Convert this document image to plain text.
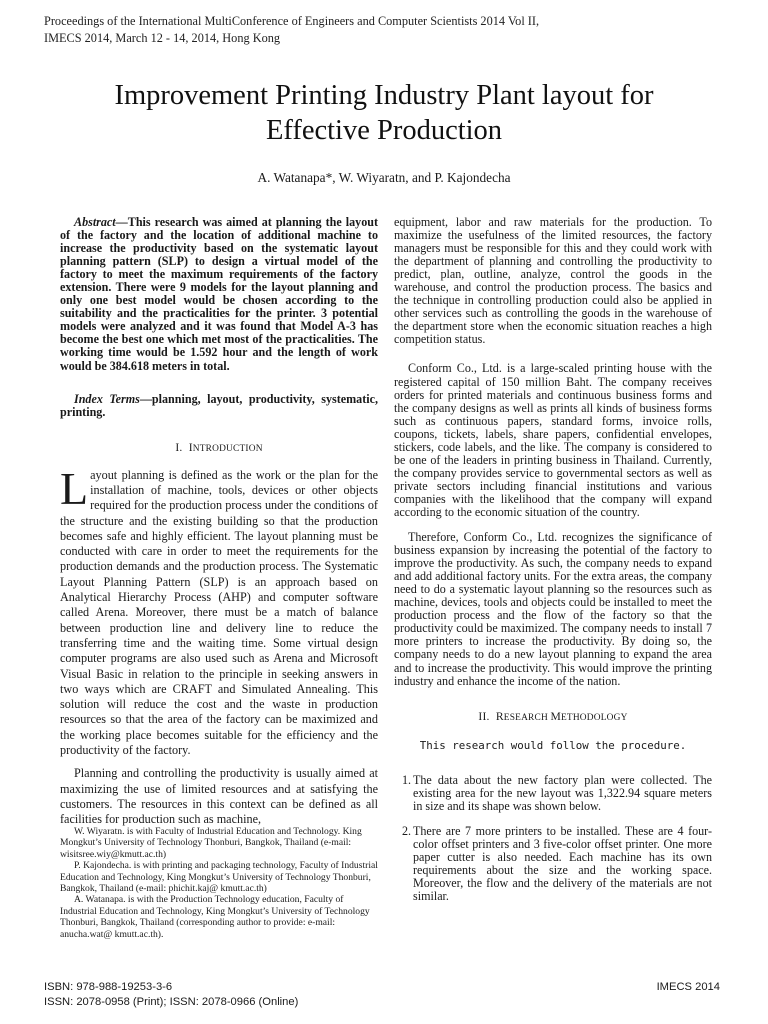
Proceedings of the International MultiConference of Engineers and Computer Scientists 2014 Vol II,
IMECS 2014, March 12 - 14, 2014, Hong Kong
Improvement Printing Industry Plant layout for
Effective Production
A. Watanapa*, W. Wiyaratn, and P. Kajondecha

Abstract—This research was aimed at planning the layout of the factory and the location of additional machine to increase the productivity based on the systematic layout planning pattern (SLP) to design a virtual model of the factory to meet the maximum requirements of the factory extension. There were 9 models for the layout planning and only one best model would be chosen according to the suitability and the practicalities for the printer. 3 potential models were analyzed and it was found that Model A-3 has become the best one which met most of the practicalities. The working time would be 1.592 hour and the length of work would be 384.618 meters in total.

Index Terms—planning, layout, productivity, systematic, printing.

I. INTRODUCTION

Layout planning is defined as the work or the plan for the installation of machine, tools, devices or other objects required for the production process under the conditions of the structure and the existing building so that the production becomes safe and highly efficient. The layout planning must be conducted with care in order to meet the requirements for the production demands and the production process. The Systematic Layout Planning Pattern (SLP) is an approach based on Analytical Hierarchy Process (AHP) and computer software called Arena. Moreover, there must be a match of balance between production line and delivery line to reduce the transferring time and the waiting time. Some virtual design computer programs are also used such as Arena and Microsoft Visual Basic in relation to the principle in seeking answers in two ways which are CRAFT and Simulated Annealing. This solution will reduce the cost and the waste in production resources so that the area of the factory can be maximized and the working place becomes suitable for the efficiency and the productivity of the factory.

Planning and controlling the productivity is usually aimed at maximizing the use of limited resources and at satisfying the customers. The resources in this context can be defined as all facilities for production such as machine,

W. Wiyaratn. is with Faculty of Industrial Education and Technology. King Mongkut’s University of Technology Thonburi, Bangkok, Thailand (e-mail: wisitsree.wiy@kmutt.ac.th)

P. Kajondecha. is with printing and packaging technology, Faculty of Industrial Education and Technology, King Mongkut’s University of Technology Thonburi, Bangkok, Thailand (e-mail: phichit.kaj@ kmutt.ac.th)

A. Watanapa. is with the Production Technology education, Faculty of Industrial Education and Technology, King Mongkut’s University of Technology Thonburi, Bangkok, Thailand (corresponding author to provide: e-mail: anucha.wat@ kmutt.ac.th).

equipment, labor and raw materials for the production. To maximize the usefulness of the limited resources, the factory managers must be responsible for this and they could work with the department of planning and controlling the productivity to predict, plan, outline, analyze, control the goods in the warehouse, and control the production process. The basics and the technique in controlling production could also be applied in other services such as controlling the goods in the warehouse of the department store when the economic situation reaches a high competition status.

Conform Co., Ltd. is a large-scaled printing house with the registered capital of 150 million Baht. The company receives orders for printed materials and continuous business forms and the company designs as well as prints all kinds of business forms such as continuous papers, standard forms, invoice rolls, coupons, tickets, labels, share papers, confidential envelopes, stickers, code labels, and the like. The company is considered to be one of the leaders in printing business in Thailand. Currently, the company provides service to governmental sectors as well as private sectors including financial institutions and various companies with the likelihood that the company will expand according to the economic situation of the country.

Therefore, Conform Co., Ltd. recognizes the significance of business expansion by increasing the potential of the factory to improve the productivity. As such, the company needs to expand and add additional factory units. For the extra areas, the company need to do a systematic layout planning so the resources such as machine, devices, tools and objects could be installed to meet the production process and the flow of the factory so that the productivity could be maximized. The company needs to install 7 more printers to increase the productivity. By doing so, the company needs to do a new layout planning to expand the area and to increase the productivity. This would improve the printing industry and enhance the income of the nation.

II. RESEARCH METHODOLOGY

This research would follow the procedure.

1. The data about the new factory plan were collected. The existing area for the new layout was 1,322.94 square meters in size and its shape was shown below.
2. There are 7 more printers to be installed. These are 4 four-color offset printers and 3 five-color offset printer. One more paper cutter is also needed. Each machine has its own requirements about the size and the working space. Moreover, the flow and the delivery of the materials are not similar.
ISBN: 978-988-19253-3-6
ISSN: 2078-0958 (Print); ISSN: 2078-0966 (Online)
IMECS 2014
